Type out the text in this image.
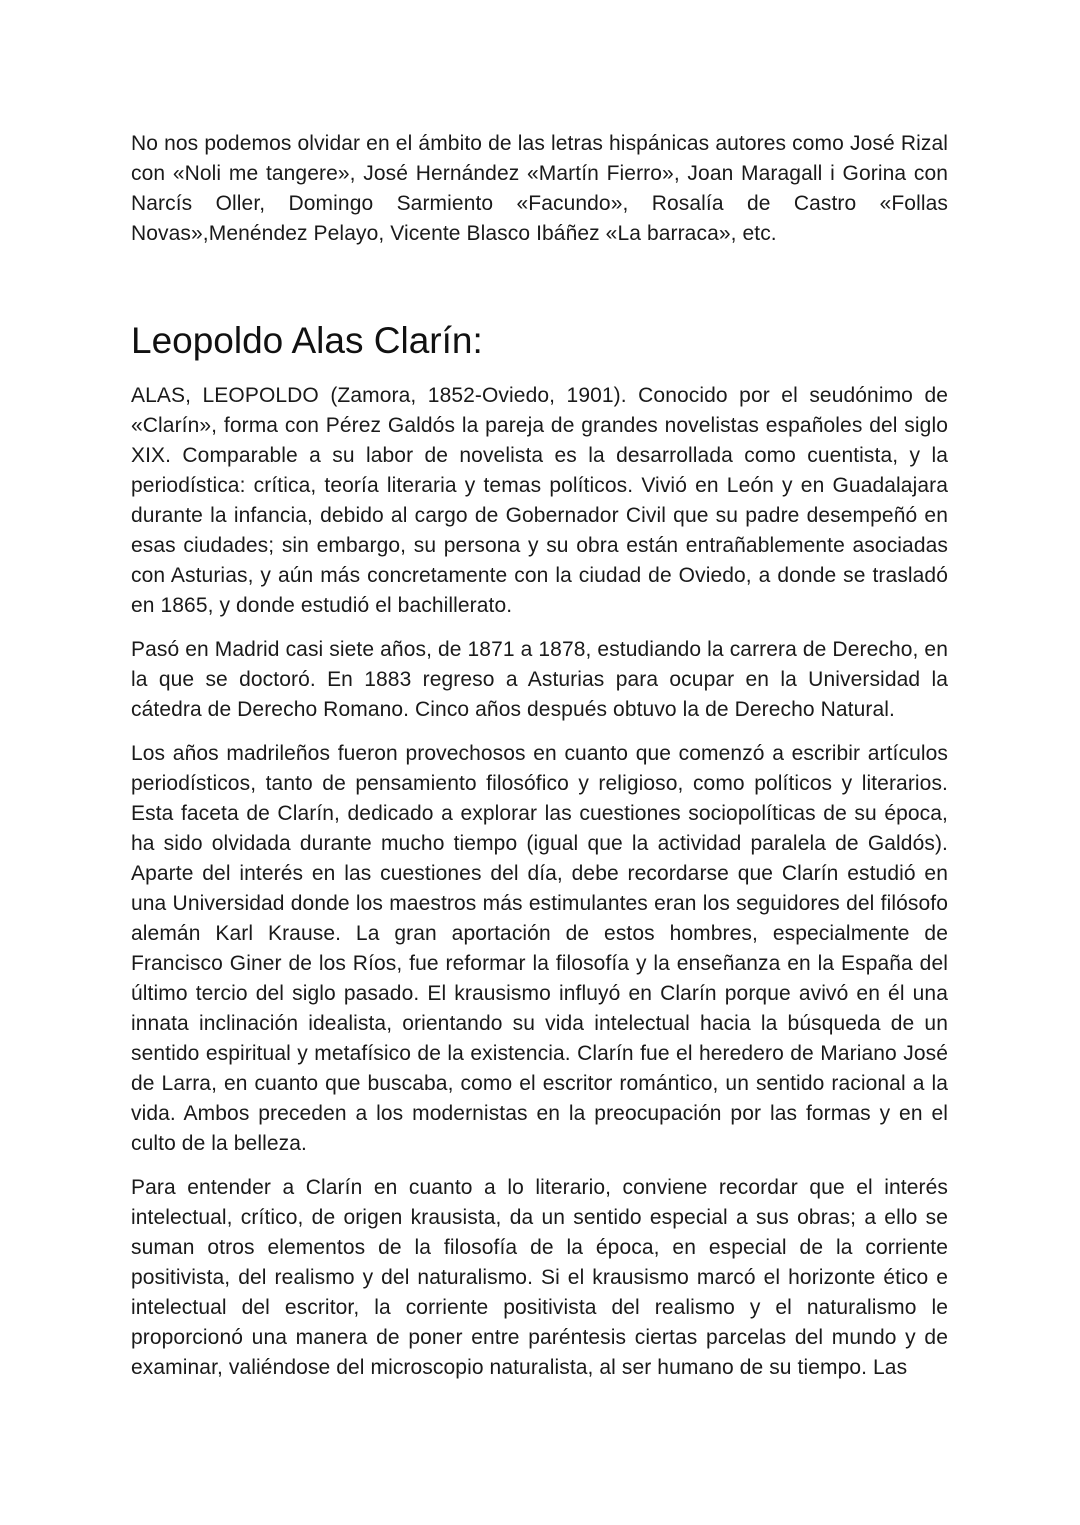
No nos podemos olvidar en el ámbito de las letras hispánicas autores como José Rizal con «Noli me tangere», José Hernández «Martín Fierro», Joan Maragall i Gorina con Narcís Oller, Domingo Sarmiento «Facundo», Rosalía de Castro «Follas Novas»,Menéndez Pelayo, Vicente Blasco Ibáñez «La barraca», etc.

Leopoldo Alas Clarín:

ALAS, LEOPOLDO (Zamora, 1852-Oviedo, 1901). Conocido por el seudónimo de «Clarín», forma con Pérez Galdós la pareja de grandes novelistas españoles del siglo XIX. Comparable a su labor de novelista es la desarrollada como cuentista, y la periodística: crítica, teoría literaria y temas políticos. Vivió en León y en Guadalajara durante la infancia, debido al cargo de Gobernador Civil que su padre desempeñó en esas ciudades; sin embargo, su persona y su obra están entrañablemente asociadas con Asturias, y aún más concretamente con la ciudad de Oviedo, a donde se trasladó en 1865, y donde estudió el bachillerato.

Pasó en Madrid casi siete años, de 1871 a 1878, estudiando la carrera de Derecho, en la que se doctoró. En 1883 regreso a Asturias para ocupar en la Universidad la cátedra de Derecho Romano. Cinco años después obtuvo la de Derecho Natural.

Los años madrileños fueron provechosos en cuanto que comenzó a escribir artículos periodísticos, tanto de pensamiento filosófico y religioso, como políticos y literarios. Esta faceta de Clarín, dedicado a explorar las cuestiones sociopolíticas de su época, ha sido olvidada durante mucho tiempo (igual que la actividad paralela de Galdós). Aparte del interés en las cuestiones del día, debe recordarse que Clarín estudió en una Universidad donde los maestros más estimulantes eran los seguidores del filósofo alemán Karl Krause. La gran aportación de estos hombres, especialmente de Francisco Giner de los Ríos, fue reformar la filosofía y la enseñanza en la España del último tercio del siglo pasado. El krausismo influyó en Clarín porque avivó en él una innata inclinación idealista, orientando su vida intelectual hacia la búsqueda de un sentido espiritual y metafísico de la existencia. Clarín fue el heredero de Mariano José de Larra, en cuanto que buscaba, como el escritor romántico, un sentido racional a la vida. Ambos preceden a los modernistas en la preocupación por las formas y en el culto de la belleza.

Para entender a Clarín en cuanto a lo literario, conviene recordar que el interés intelectual, crítico, de origen krausista, da un sentido especial a sus obras; a ello se suman otros elementos de la filosofía de la época, en especial de la corriente positivista, del realismo y del naturalismo. Si el krausismo marcó el horizonte ético e intelectual del escritor, la corriente positivista del realismo y el naturalismo le proporcionó una manera de poner entre paréntesis ciertas parcelas del mundo y de examinar, valiéndose del microscopio naturalista, al ser humano de su tiempo. Las
